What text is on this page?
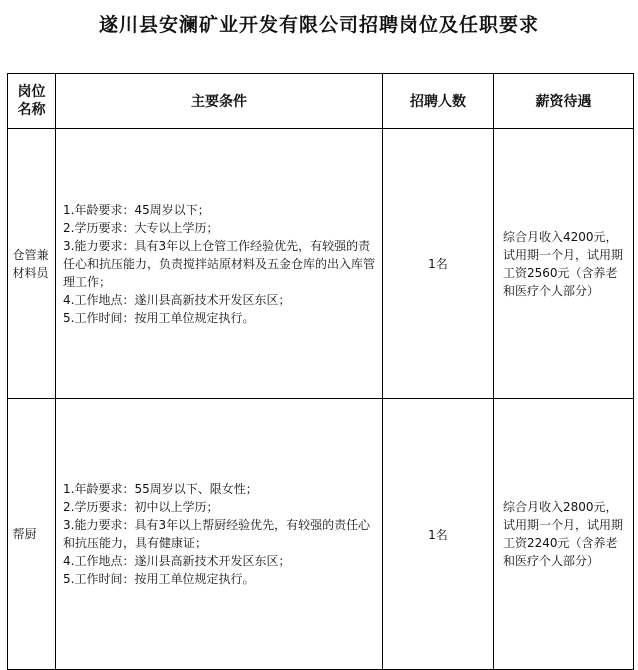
遂川县安澜矿业开发有限公司招聘岗位及任职要求
岗位名称	主要条件	招聘人数	薪资待遇
仓管兼材料员	1.年龄要求：45周岁以下；
2.学历要求：大专以上学历；
3.能力要求：具有3年以上仓管工作经验优先，有较强的责任心和抗压能力，负责搅拌站原材料及五金仓库的出入库管理工作；
4.工作地点：遂川县高新技术开发区东区；
5.工作时间：按用工单位规定执行。	1名	综合月收入4200元，试用期一个月，试用期工资2560元（含养老和医疗个人部分）
帮厨	1.年龄要求：55周岁以下、限女性；
2.学历要求：初中以上学历；
3.能力要求：具有3年以上帮厨经验优先，有较强的责任心和抗压能力，具有健康证；
4.工作地点：遂川县高新技术开发区东区；
5.工作时间：按用工单位规定执行。	1名	综合月收入2800元，试用期一个月，试用期工资2240元（含养老和医疗个人部分）
